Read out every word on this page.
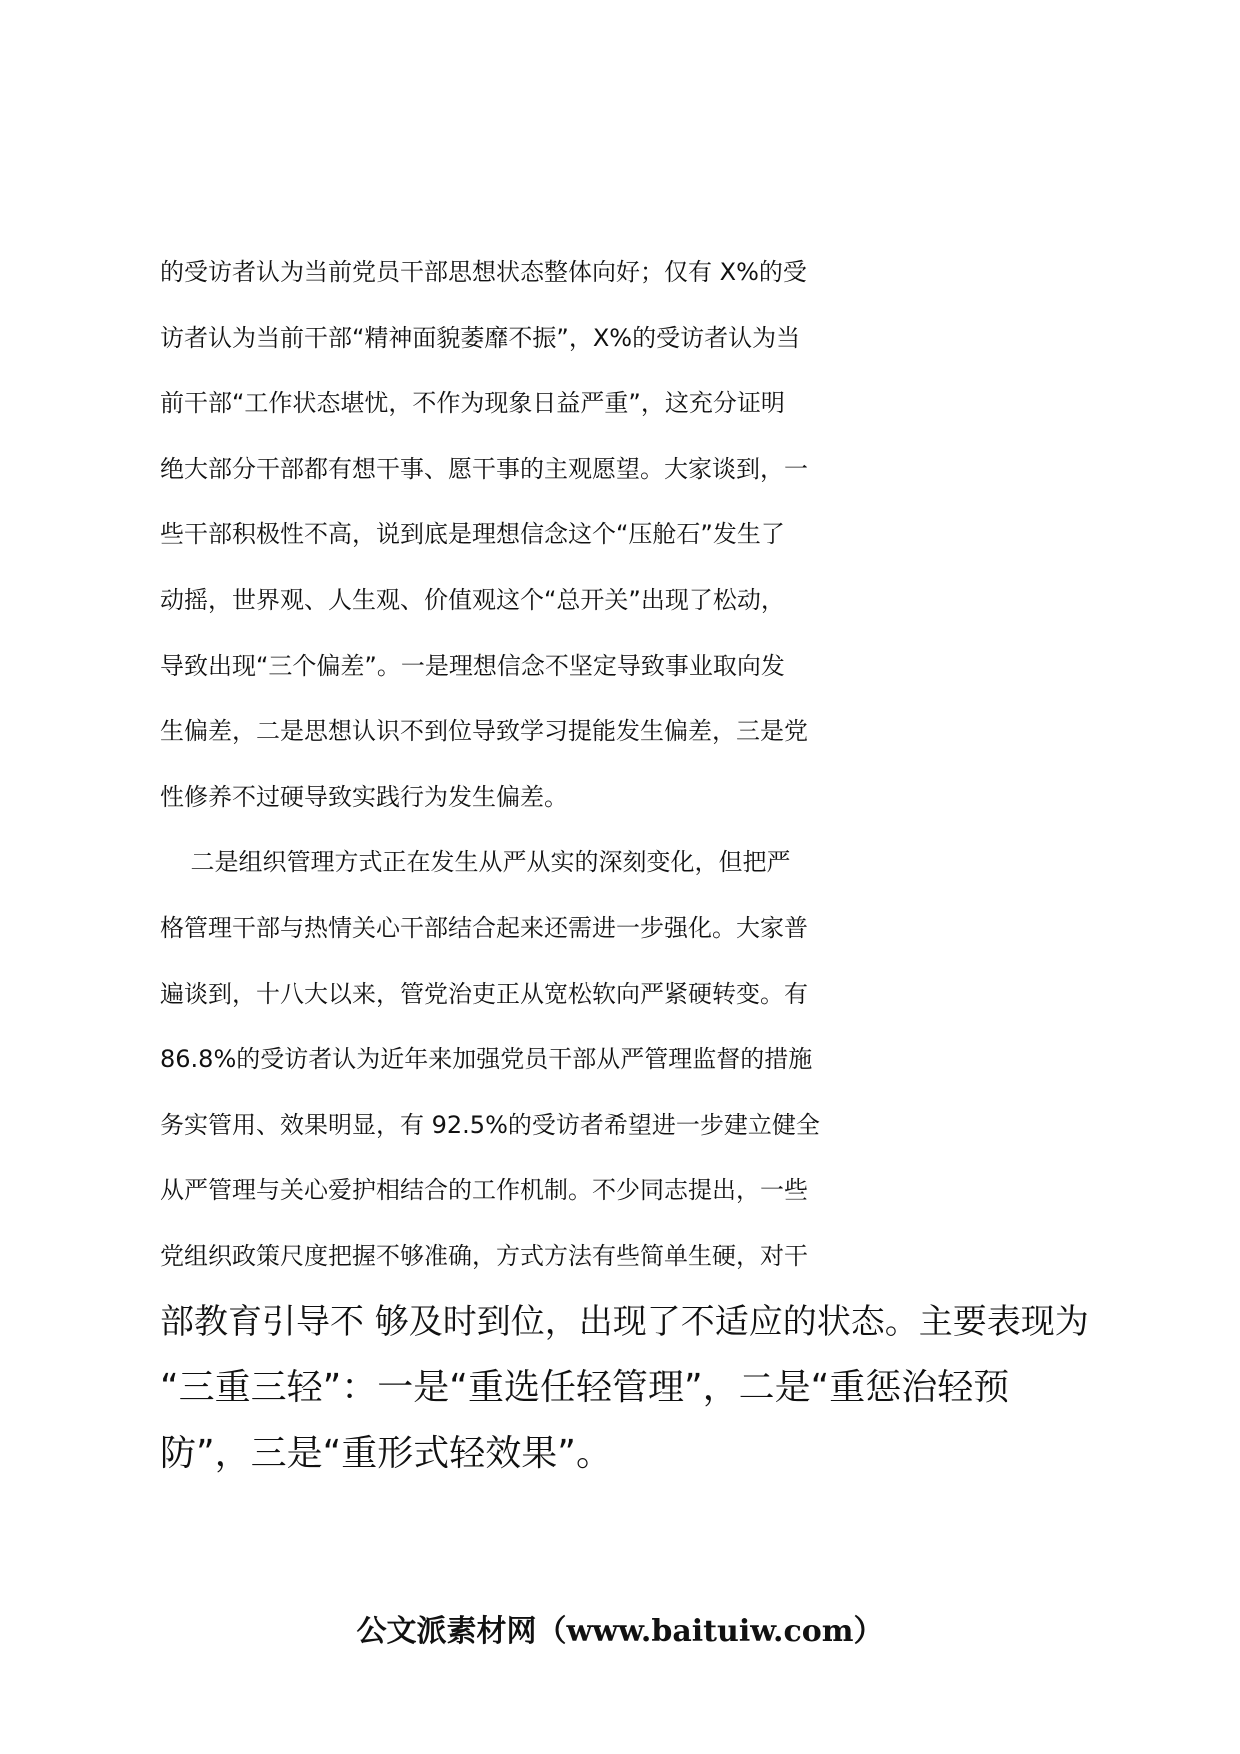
的受访者认为当前党员干部思想状态整体向好；仅有 X%的受
访者认为当前干部“精神面貌萎靡不振”，X%的受访者认为当
前干部“工作状态堪忧，不作为现象日益严重”，这充分证明
绝大部分干部都有想干事、愿干事的主观愿望。大家谈到，一
些干部积极性不高，说到底是理想信念这个“压舱石”发生了
动摇，世界观、人生观、价值观这个“总开关”出现了松动，
导致出现“三个偏差”。一是理想信念不坚定导致事业取向发
生偏差，二是思想认识不到位导致学习提能发生偏差，三是党
性修养不过硬导致实践行为发生偏差。
二是组织管理方式正在发生从严从实的深刻变化，但把严
格管理干部与热情关心干部结合起来还需进一步强化。大家普
遍谈到，十八大以来，管党治吏正从宽松软向严紧硬转变。有
86.8%的受访者认为近年来加强党员干部从严管理监督的措施
务实管用、效果明显，有 92.5%的受访者希望进一步建立健全
从严管理与关心爱护相结合的工作机制。不少同志提出，一些
党组织政策尺度把握不够准确，方式方法有些简单生硬，对干
部教育引导不 够及时到位，出现了不适应的状态。主要表现为
“三重三轻”：一是“重选任轻管理”，二是“重惩治轻预
防”，三是“重形式轻效果”。
公文派素材网（www.baituiw.com）
